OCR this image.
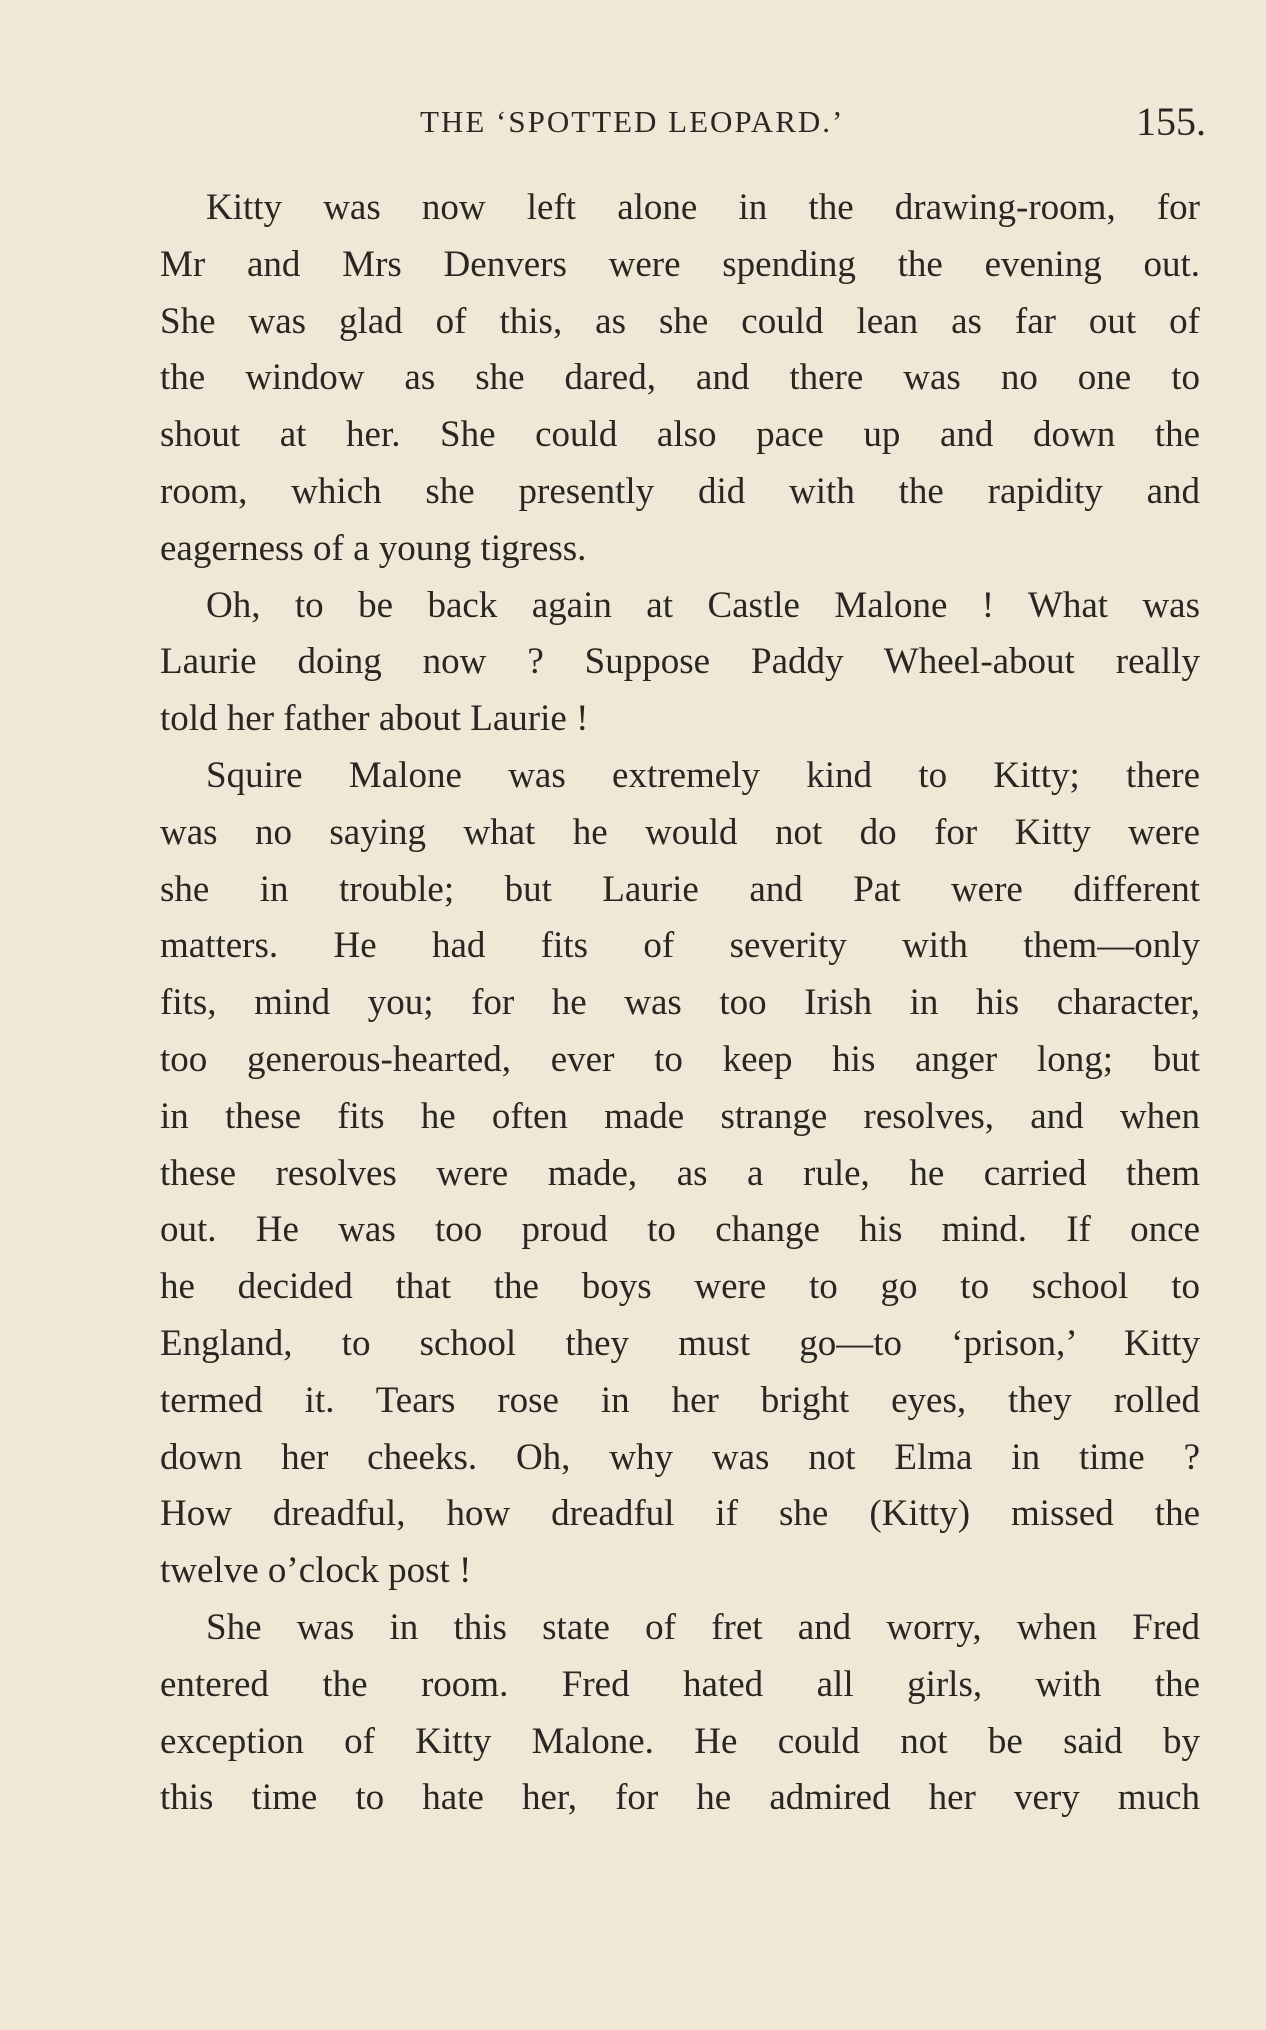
THE ‘SPOTTED LEOPARD.’	155.

Kitty was now left alone in the drawing-room, for
Mr and Mrs Denvers were spending the evening out.
She was glad of this, as she could lean as far out of
the window as she dared, and there was no one to
shout at her. She could also pace up and down the
room, which she presently did with the rapidity and
eagerness of a young tigress.

Oh, to be back again at Castle Malone ! What was
Laurie doing now ? Suppose Paddy Wheel-about really
told her father about Laurie !

Squire Malone was extremely kind to Kitty; there
was no saying what he would not do for Kitty were
she in trouble; but Laurie and Pat were different
matters. He had fits of severity with them—only
fits, mind you; for he was too Irish in his character,
too generous-hearted, ever to keep his anger long; but
in these fits he often made strange resolves, and when
these resolves were made, as a rule, he carried them
out. He was too proud to change his mind. If once
he decided that the boys were to go to school to
England, to school they must go—to ‘prison,’ Kitty
termed it. Tears rose in her bright eyes, they rolled
down her cheeks. Oh, why was not Elma in time ?
How dreadful, how dreadful if she (Kitty) missed the
twelve o’clock post !

She was in this state of fret and worry, when Fred
entered the room. Fred hated all girls, with the
exception of Kitty Malone. He could not be said by
this time to hate her, for he admired her very much
